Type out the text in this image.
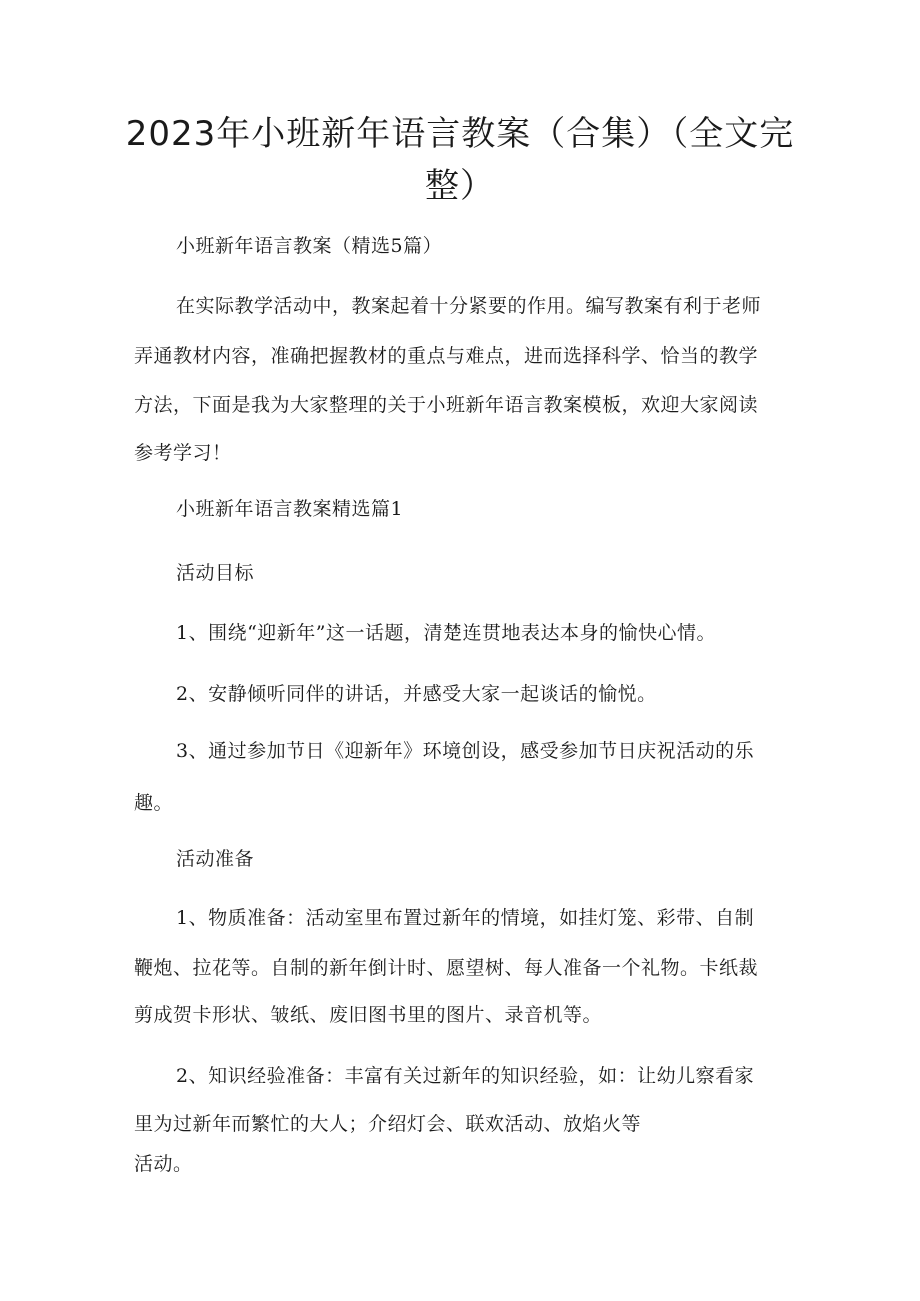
2023年小班新年语言教案（合集）（全文完整）
小班新年语言教案（精选5篇）
在实际教学活动中，教案起着十分紧要的作用。编写教案有利于老师
弄通教材内容，准确把握教材的重点与难点，进而选择科学、恰当的教学
方法，下面是我为大家整理的关于小班新年语言教案模板，欢迎大家阅读
参考学习！
小班新年语言教案精选篇1
活动目标
1、围绕“迎新年”这一话题，清楚连贯地表达本身的愉快心情。
2、安静倾听同伴的讲话，并感受大家一起谈话的愉悦。
3、通过参加节日《迎新年》环境创设，感受参加节日庆祝活动的乐
趣。
活动准备
1、物质准备：活动室里布置过新年的情境，如挂灯笼、彩带、自制
鞭炮、拉花等。自制的新年倒计时、愿望树、每人准备一个礼物。卡纸裁
剪成贺卡形状、皱纸、废旧图书里的图片、录音机等。
2、知识经验准备：丰富有关过新年的知识经验，如：让幼儿察看家
里为过新年而繁忙的大人；介绍灯会、联欢活动、放焰火等
活动。
